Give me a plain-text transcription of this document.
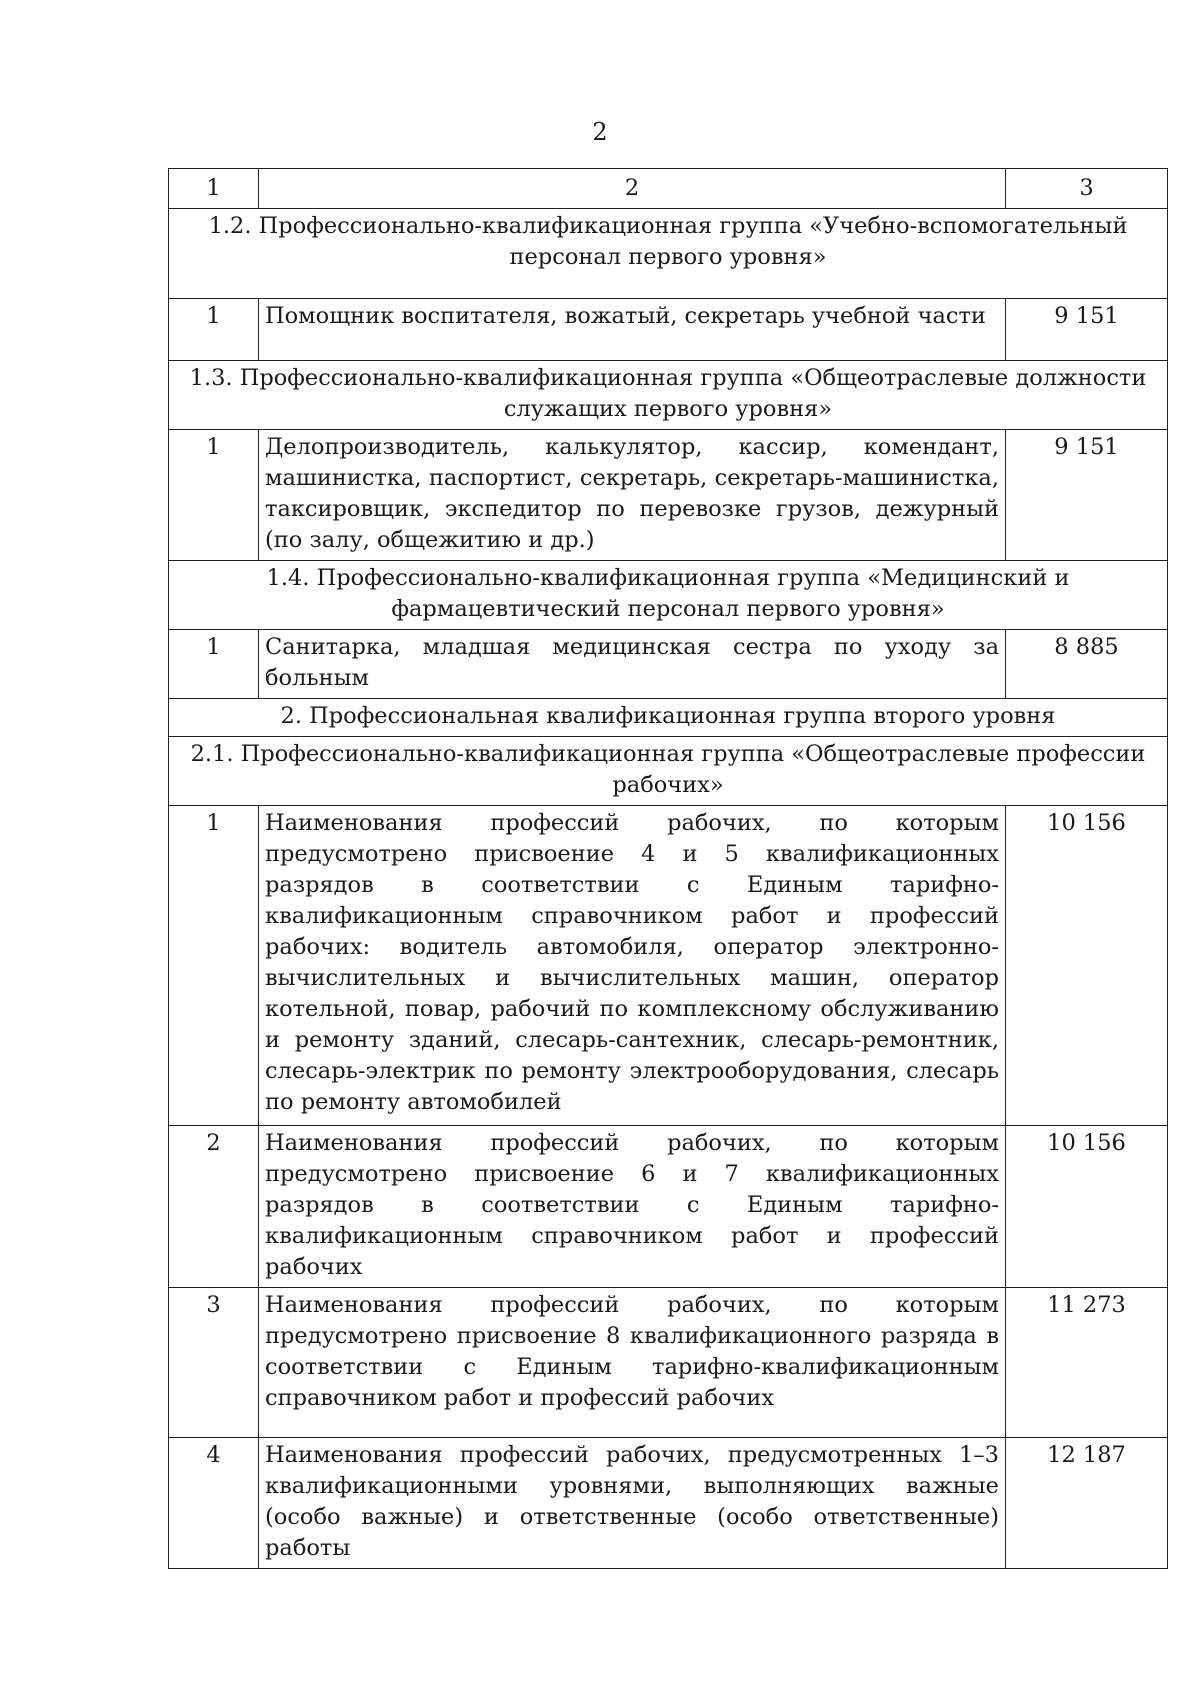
2
1	2	3
1.2. Профессионально-квалификационная группа «Учебно-вспомогательный персонал первого уровня»		
1	Помощник воспитателя, вожатый, секретарь учебной части	9 151
1.3. Профессионально-квалификационная группа «Общеотраслевые должности служащих первого уровня»		
1	Делопроизводитель, калькулятор, кассир, комендант, машинистка, паспортист, секретарь, секретарь-машинистка, таксировщик, экспедитор по перевозке грузов, дежурный (по залу, общежитию и др.)	9 151
1.4. Профессионально-квалификационная группа «Медицинский и фармацевтический персонал первого уровня»		
1	Санитарка, младшая медицинская сестра по уходу за больным	8 885
2. Профессиональная квалификационная группа второго уровня		
2.1. Профессионально-квалификационная группа «Общеотраслевые профессии рабочих»		
1	Наименования профессий рабочих, по которым предусмотрено присвоение 4 и 5 квалификационных разрядов в соответствии с Единым тарифно-квалификационным справочником работ и профессий рабочих: водитель автомобиля, оператор электронно-вычислительных и вычислительных машин, оператор котельной, повар, рабочий по комплексному обслуживанию и ремонту зданий, слесарь-сантехник, слесарь-ремонтник, слесарь-электрик по ремонту электрооборудования, слесарь по ремонту автомобилей	10 156
2	Наименования профессий рабочих, по которым предусмотрено присвоение 6 и 7 квалификационных разрядов в соответствии с Единым тарифно-квалификационным справочником работ и профессий рабочих	10 156
3	Наименования профессий рабочих, по которым предусмотрено присвоение 8 квалификационного разряда в соответствии с Единым тарифно-квалификационным справочником работ и профессий рабочих	11 273
4	Наименования профессий рабочих, предусмотренных 1–3 квалификационными уровнями, выполняющих важные (особо важные) и ответственные (особо ответственные) работы	12 187
